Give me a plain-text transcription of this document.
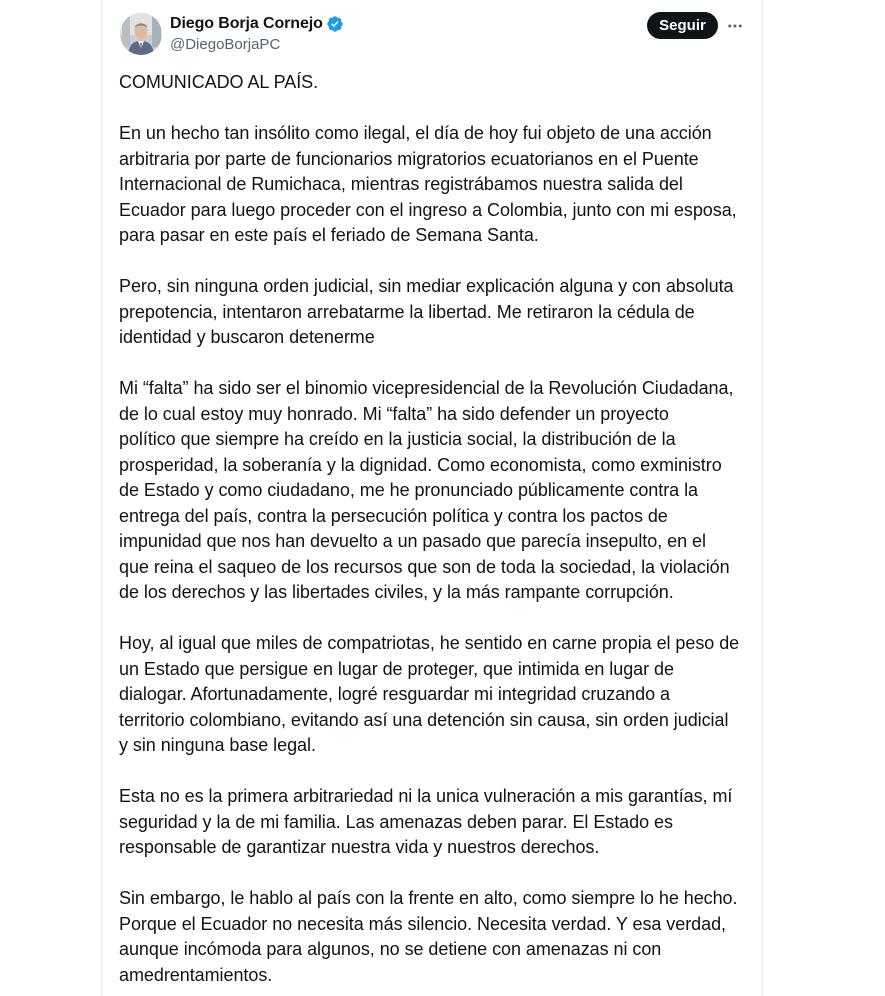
Diego Borja Cornejo
@DiegoBorjaPC
Seguir

COMUNICADO AL PAÍS.

En un hecho tan insólito como ilegal, el día de hoy fui objeto de una acción
arbitraria por parte de funcionarios migratorios ecuatorianos en el Puente
Internacional de Rumichaca, mientras registrábamos nuestra salida del
Ecuador para luego proceder con el ingreso a Colombia, junto con mi esposa,
para pasar en este país el feriado de Semana Santa.

Pero, sin ninguna orden judicial, sin mediar explicación alguna y con absoluta
prepotencia, intentaron arrebatarme la libertad. Me retiraron la cédula de
identidad y buscaron detenerme

Mi “falta” ha sido ser el binomio vicepresidencial de la Revolución Ciudadana,
de lo cual estoy muy honrado. Mi “falta” ha sido defender un proyecto
político que siempre ha creído en la justicia social, la distribución de la
prosperidad, la soberanía y la dignidad. Como economista, como exministro
de Estado y como ciudadano, me he pronunciado públicamente contra la
entrega del país, contra la persecución política y contra los pactos de
impunidad que nos han devuelto a un pasado que parecía insepulto, en el
que reina el saqueo de los recursos que son de toda la sociedad, la violación
de los derechos y las libertades civiles, y la más rampante corrupción.

Hoy, al igual que miles de compatriotas, he sentido en carne propia el peso de
un Estado que persigue en lugar de proteger, que intimida en lugar de
dialogar. Afortunadamente, logré resguardar mi integridad cruzando a
territorio colombiano, evitando así una detención sin causa, sin orden judicial
y sin ninguna base legal.

Esta no es la primera arbitrariedad ni la unica vulneración a mis garantías, mí
seguridad y la de mi familia. Las amenazas deben parar. El Estado es
responsable de garantizar nuestra vida y nuestros derechos.

Sin embargo, le hablo al país con la frente en alto, como siempre lo he hecho.
Porque el Ecuador no necesita más silencio. Necesita verdad. Y esa verdad,
aunque incómoda para algunos, no se detiene con amenazas ni con
amedrentamientos.
